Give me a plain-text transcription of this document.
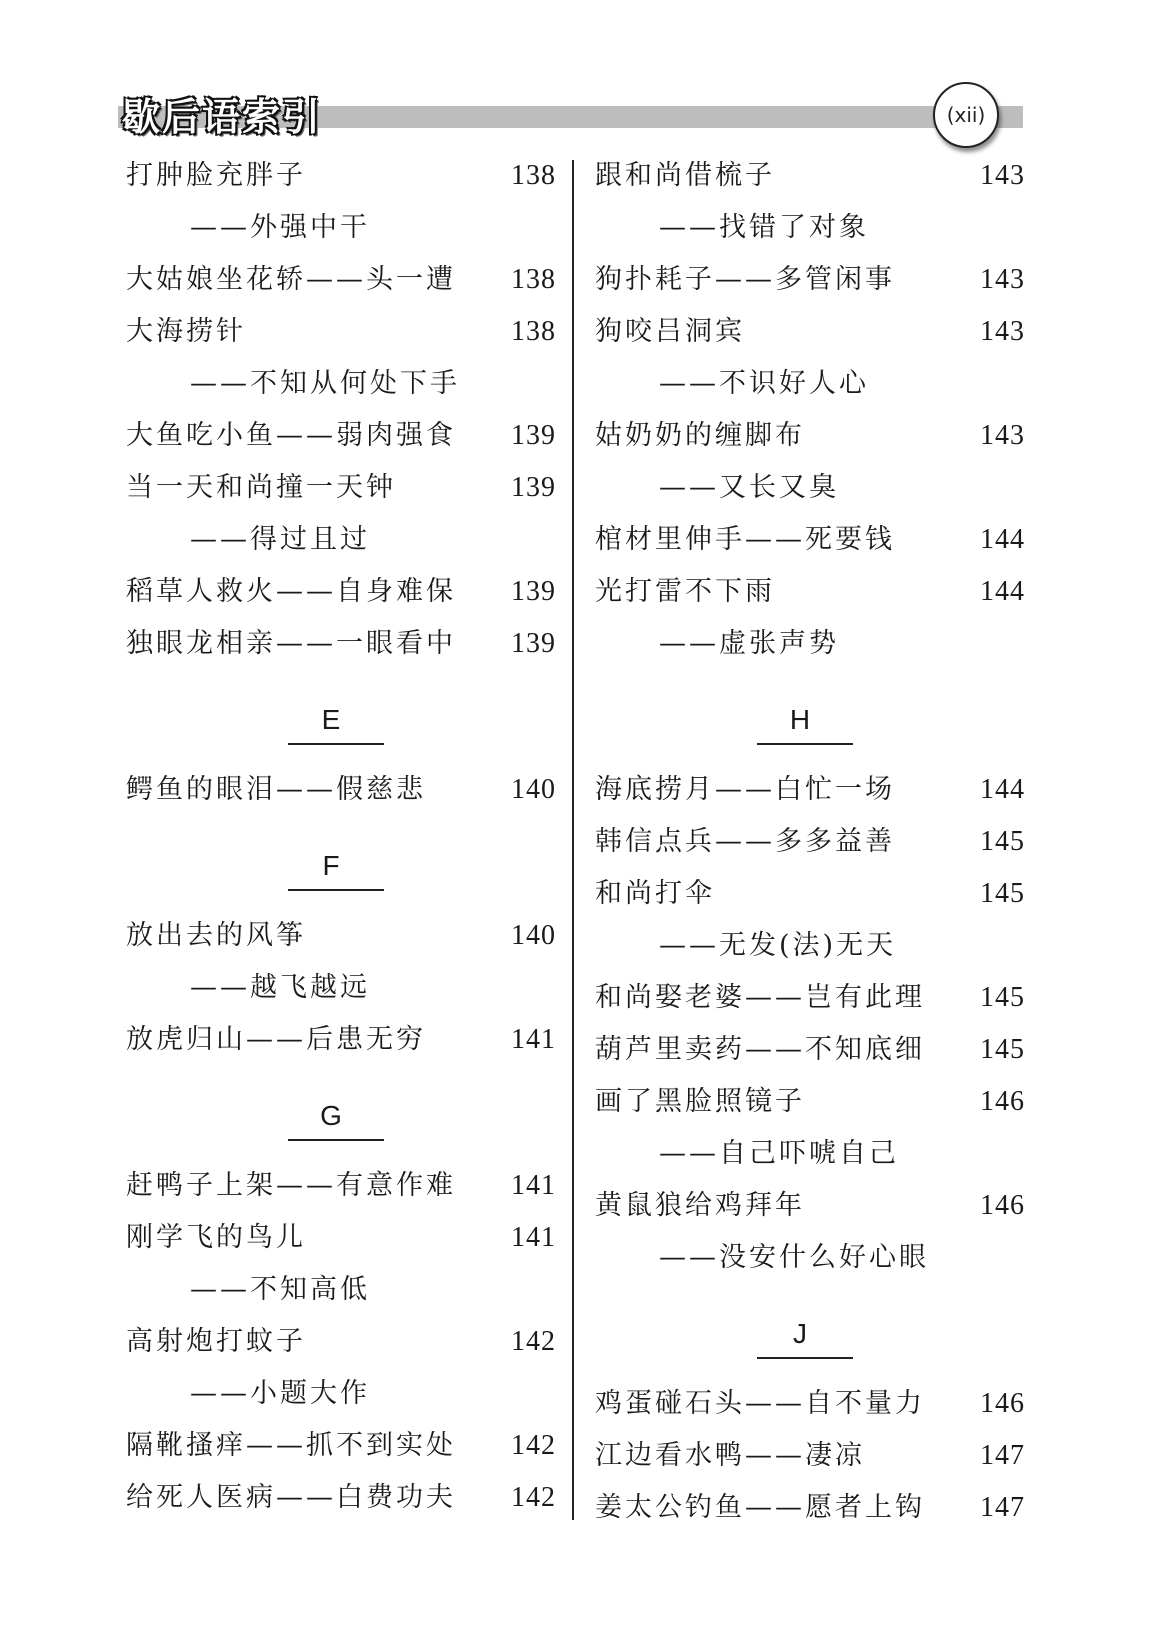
歇后语索引	(xii)
打肿脸充胖子	138
——外强中干
大姑娘坐花轿——头一遭 138
大海捞针	138
——不知从何处下手
大鱼吃小鱼——弱肉强食 139
当一天和尚撞一天钟	139
——得过且过
稻草人救火——自身难保 139
独眼龙相亲——一眼看中 139
E
鳄鱼的眼泪——假慈悲	140
F
放出去的风筝	140
——越飞越远
放虎归山——后患无穷	141
G
赶鸭子上架——有意作难 141
刚学飞的鸟儿	141
——不知高低
高射炮打蚊子	142
——小题大作
隔靴搔痒——抓不到实处 142
给死人医病——白费功夫 142
跟和尚借梳子	143
——找错了对象
狗扑耗子——多管闲事	143
狗咬吕洞宾	143
——不识好人心
姑奶奶的缠脚布	143
——又长又臭
棺材里伸手——死要钱	144
光打雷不下雨	144
——虚张声势
H
海底捞月——白忙一场	144
韩信点兵——多多益善	145
和尚打伞	145
——无发(法)无天
和尚娶老婆——岂有此理 145
葫芦里卖药——不知底细 145
画了黑脸照镜子	146
——自己吓唬自己
黄鼠狼给鸡拜年	146
——没安什么好心眼
J
鸡蛋碰石头——自不量力 146
江边看水鸭——凄凉	147
姜太公钓鱼——愿者上钩 147
